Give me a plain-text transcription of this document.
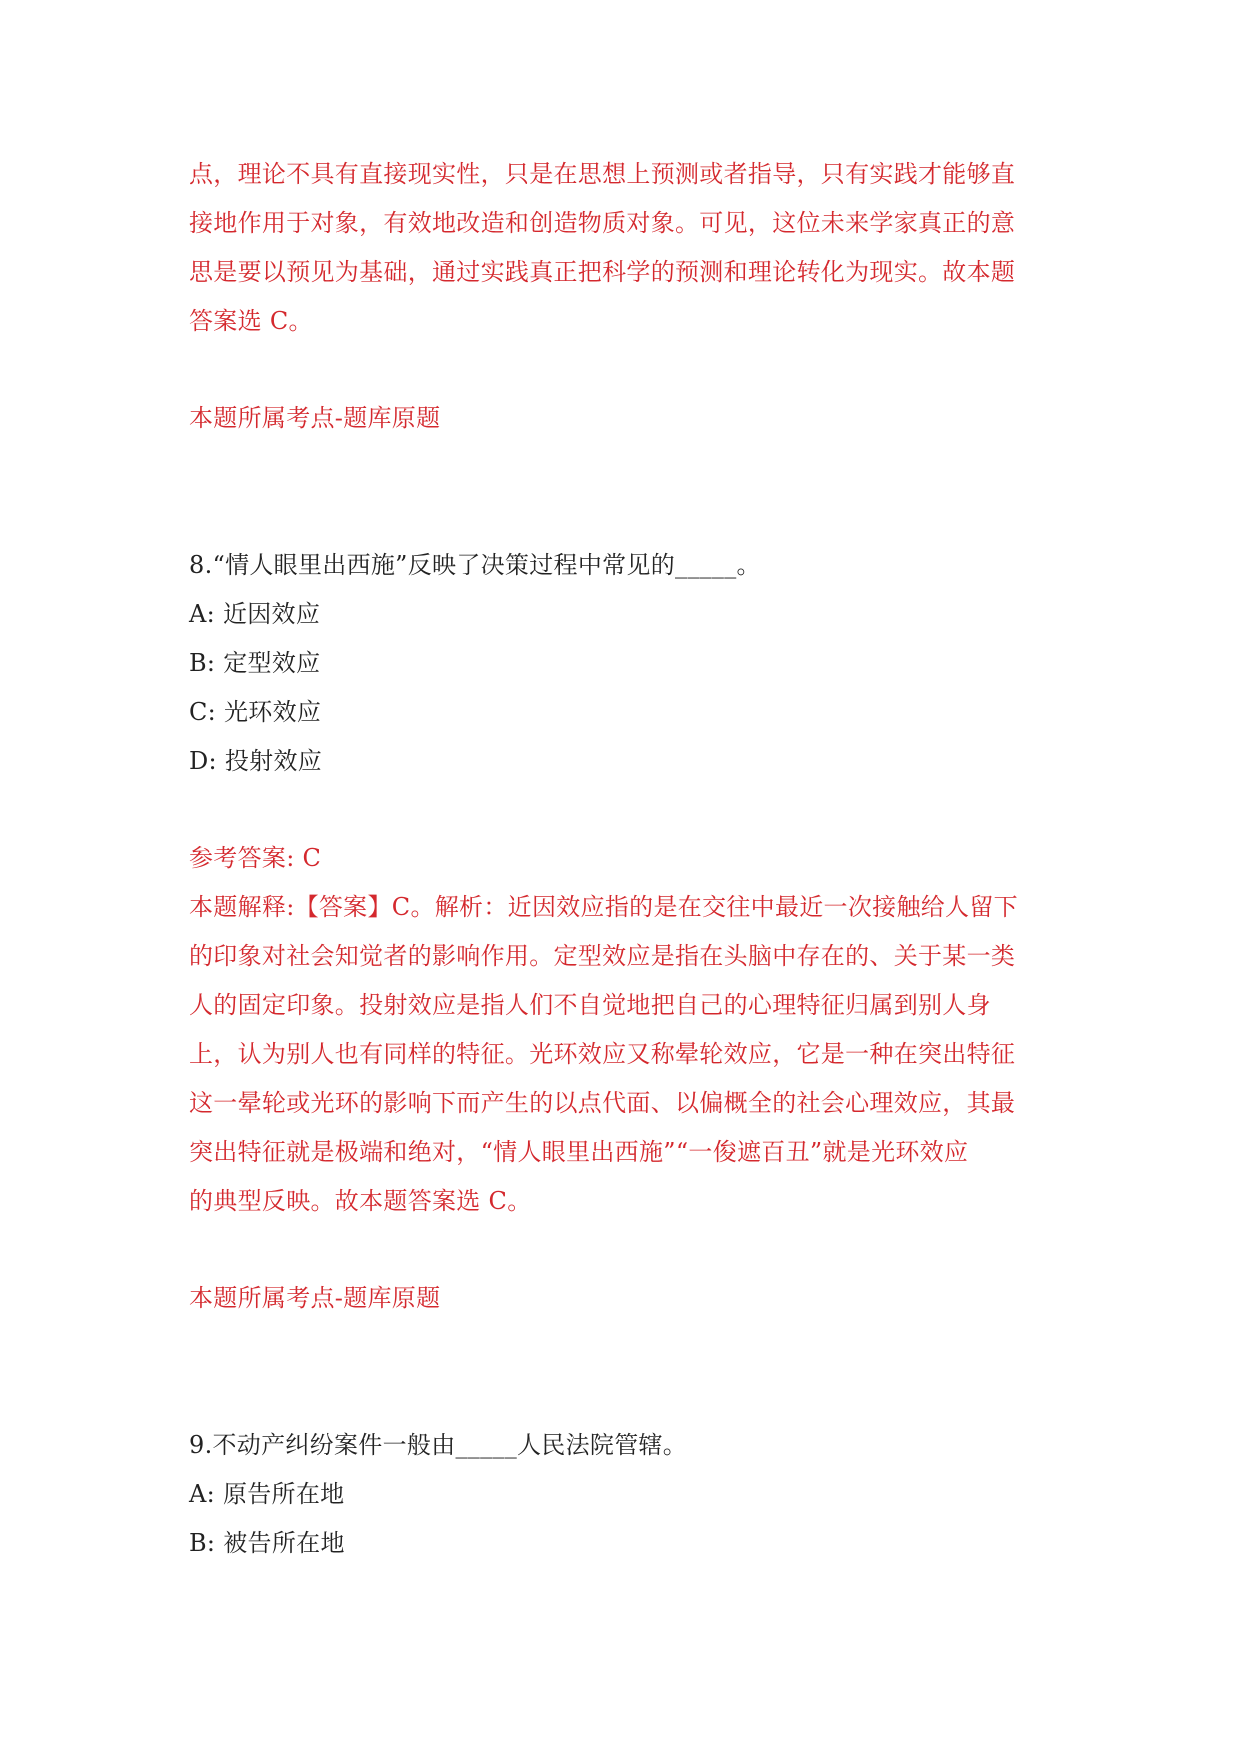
点，理论不具有直接现实性，只是在思想上预测或者指导，只有实践才能够直
接地作用于对象，有效地改造和创造物质对象。可见，这位未来学家真正的意
思是要以预见为基础，通过实践真正把科学的预测和理论转化为现实。故本题
答案选 C。
本题所属考点-题库原题
8.“情人眼里出西施”反映了决策过程中常见的_____。
A: 近因效应
B: 定型效应
C: 光环效应
D: 投射效应
参考答案: C
本题解释:【答案】C。解析：近因效应指的是在交往中最近一次接触给人留下
的印象对社会知觉者的影响作用。定型效应是指在头脑中存在的、关于某一类
人的固定印象。投射效应是指人们不自觉地把自己的心理特征归属到别人身
上，认为别人也有同样的特征。光环效应又称晕轮效应，它是一种在突出特征
这一晕轮或光环的影响下而产生的以点代面、以偏概全的社会心理效应，其最
突出特征就是极端和绝对，“情人眼里出西施”“一俊遮百丑”就是光环效应
的典型反映。故本题答案选 C。
本题所属考点-题库原题
9.不动产纠纷案件一般由_____人民法院管辖。
A: 原告所在地
B: 被告所在地
